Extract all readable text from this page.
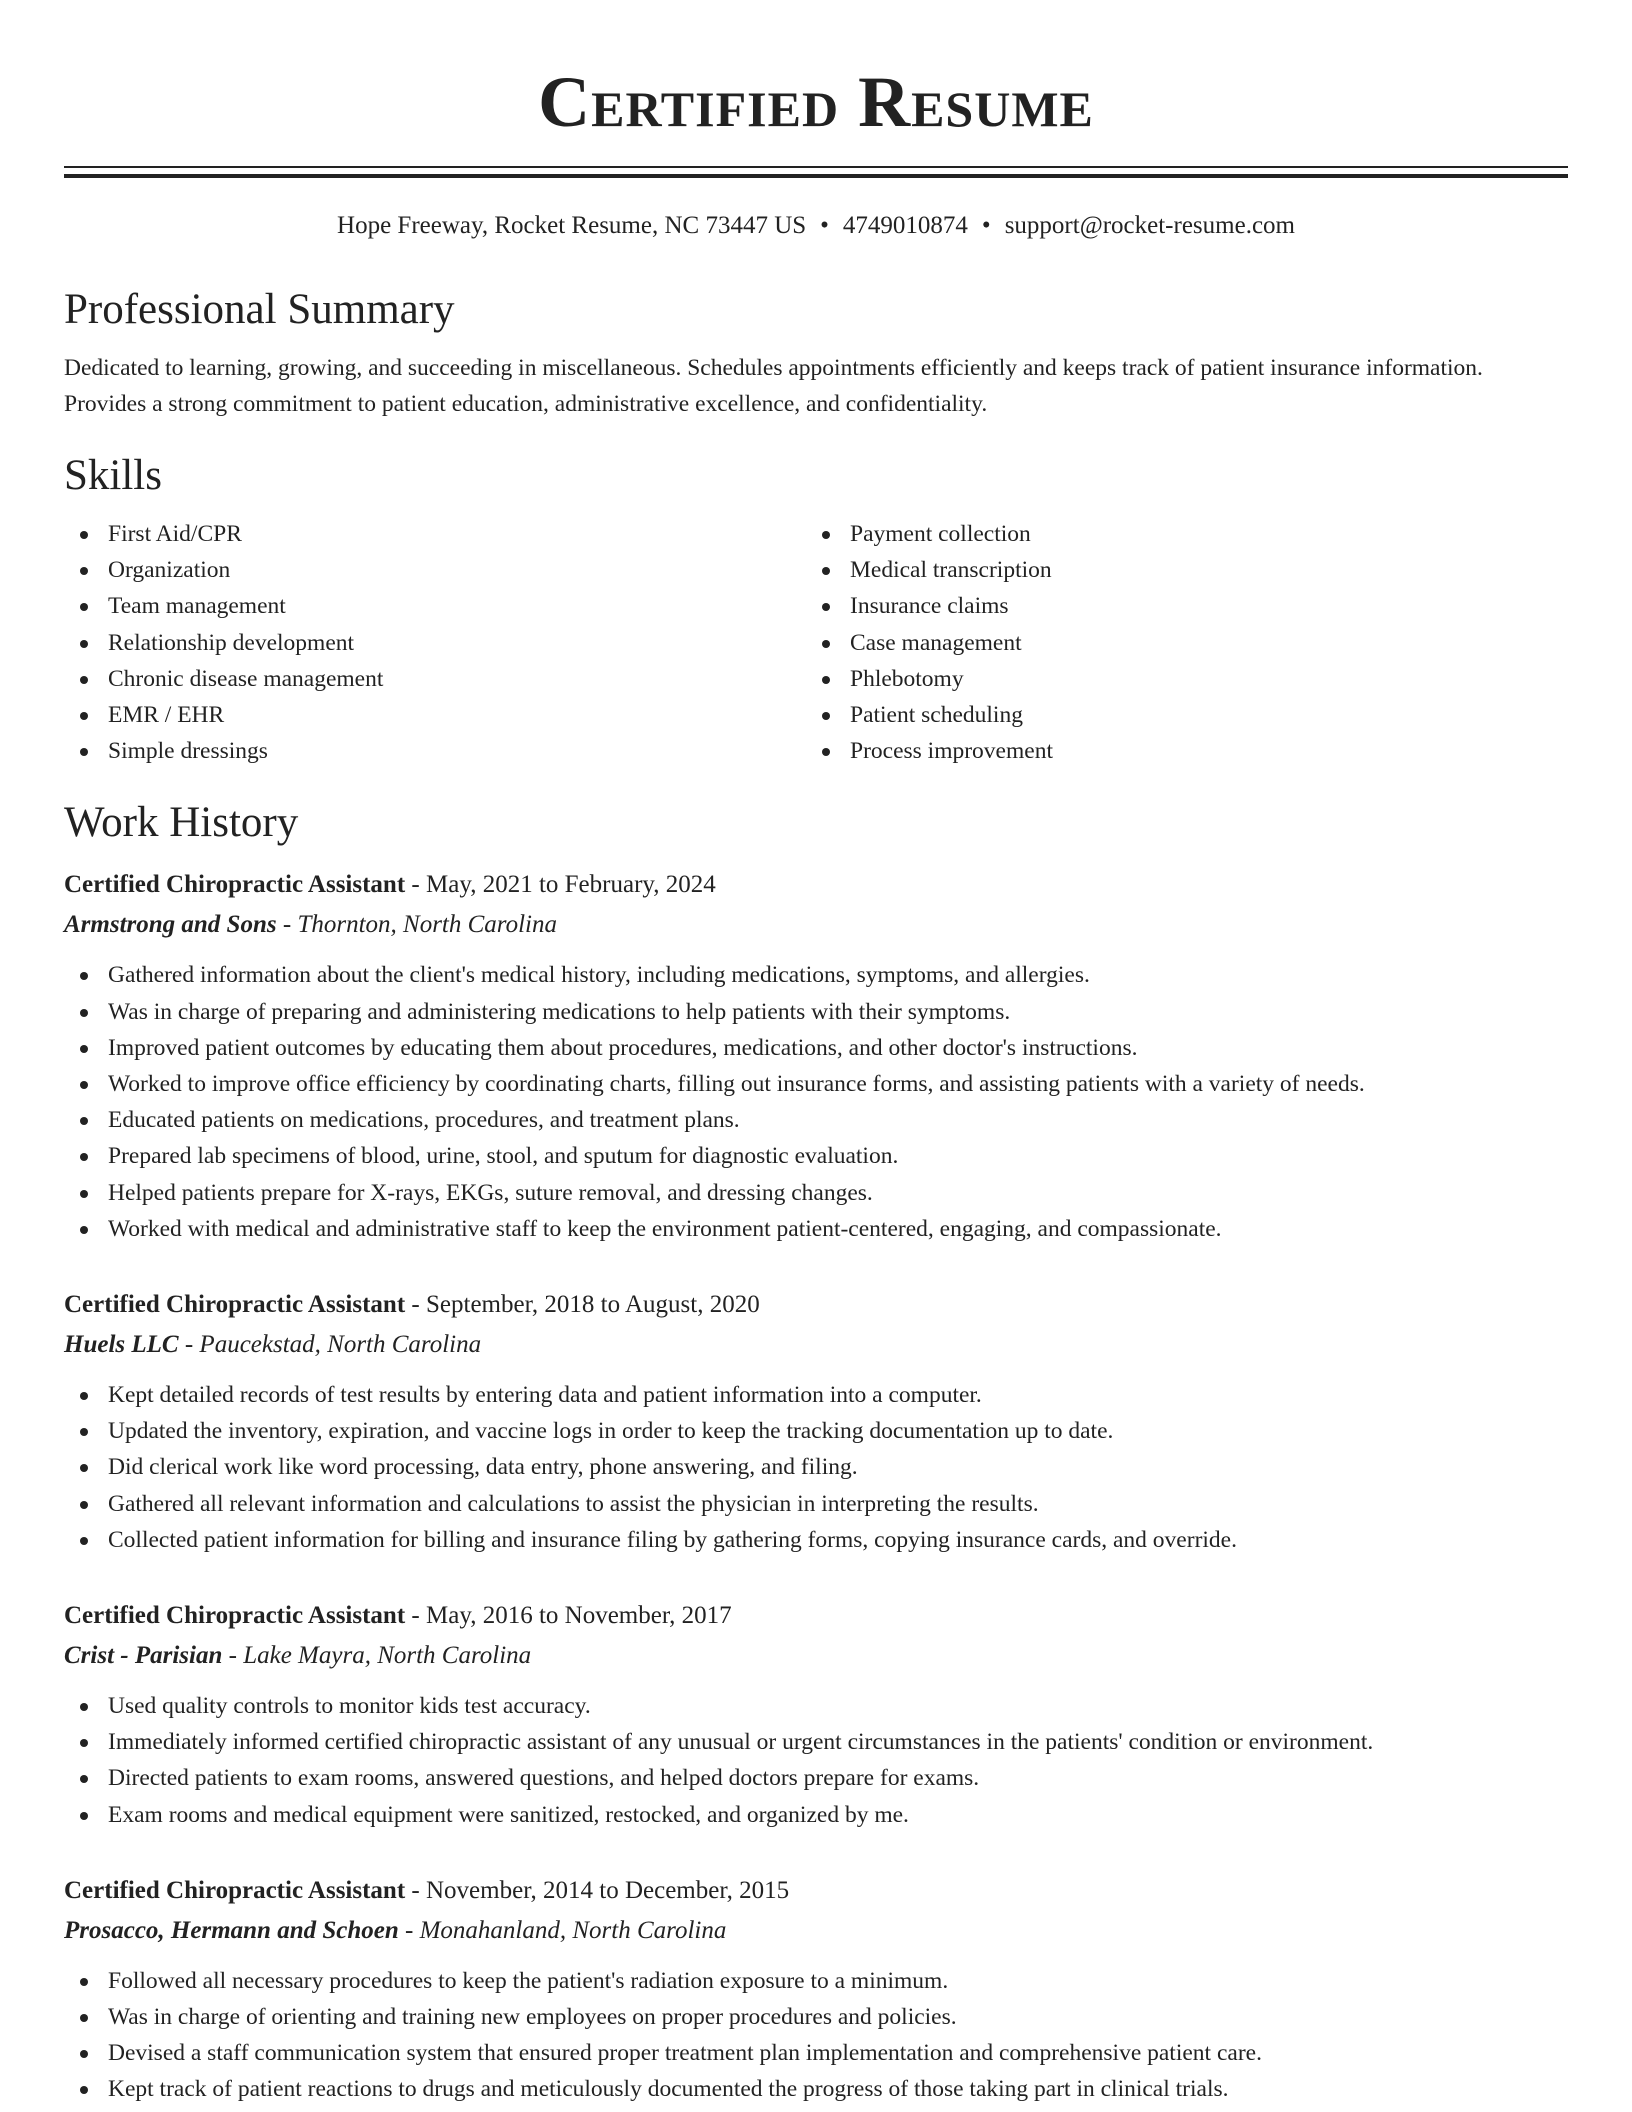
Certified Resume
Hope Freeway, Rocket Resume, NC 73447 US • 4749010874 • support@rocket-resume.com
Professional Summary

Dedicated to learning, growing, and succeeding in miscellaneous. Schedules appointments efficiently and keeps track of patient insurance information. Provides a strong commitment to patient education, administrative excellence, and confidentiality.

Skills
First Aid/CPR
Organization
Team management
Relationship development
Chronic disease management
EMR / EHR
Simple dressings
Payment collection
Medical transcription
Insurance claims
Case management
Phlebotomy
Patient scheduling
Process improvement
Work History
Certified Chiropractic Assistant - May, 2021 to February, 2024
Armstrong and Sons - Thornton, North Carolina
Gathered information about the client's medical history, including medications, symptoms, and allergies.
Was in charge of preparing and administering medications to help patients with their symptoms.
Improved patient outcomes by educating them about procedures, medications, and other doctor's instructions.
Worked to improve office efficiency by coordinating charts, filling out insurance forms, and assisting patients with a variety of needs.
Educated patients on medications, procedures, and treatment plans.
Prepared lab specimens of blood, urine, stool, and sputum for diagnostic evaluation.
Helped patients prepare for X-rays, EKGs, suture removal, and dressing changes.
Worked with medical and administrative staff to keep the environment patient-centered, engaging, and compassionate.
Certified Chiropractic Assistant - September, 2018 to August, 2020
Huels LLC - Paucekstad, North Carolina
Kept detailed records of test results by entering data and patient information into a computer.
Updated the inventory, expiration, and vaccine logs in order to keep the tracking documentation up to date.
Did clerical work like word processing, data entry, phone answering, and filing.
Gathered all relevant information and calculations to assist the physician in interpreting the results.
Collected patient information for billing and insurance filing by gathering forms, copying insurance cards, and override.
Certified Chiropractic Assistant - May, 2016 to November, 2017
Crist - Parisian - Lake Mayra, North Carolina
Used quality controls to monitor kids test accuracy.
Immediately informed certified chiropractic assistant of any unusual or urgent circumstances in the patients' condition or environment.
Directed patients to exam rooms, answered questions, and helped doctors prepare for exams.
Exam rooms and medical equipment were sanitized, restocked, and organized by me.
Certified Chiropractic Assistant - November, 2014 to December, 2015
Prosacco, Hermann and Schoen - Monahanland, North Carolina
Followed all necessary procedures to keep the patient's radiation exposure to a minimum.
Was in charge of orienting and training new employees on proper procedures and policies.
Devised a staff communication system that ensured proper treatment plan implementation and comprehensive patient care.
Kept track of patient reactions to drugs and meticulously documented the progress of those taking part in clinical trials.
